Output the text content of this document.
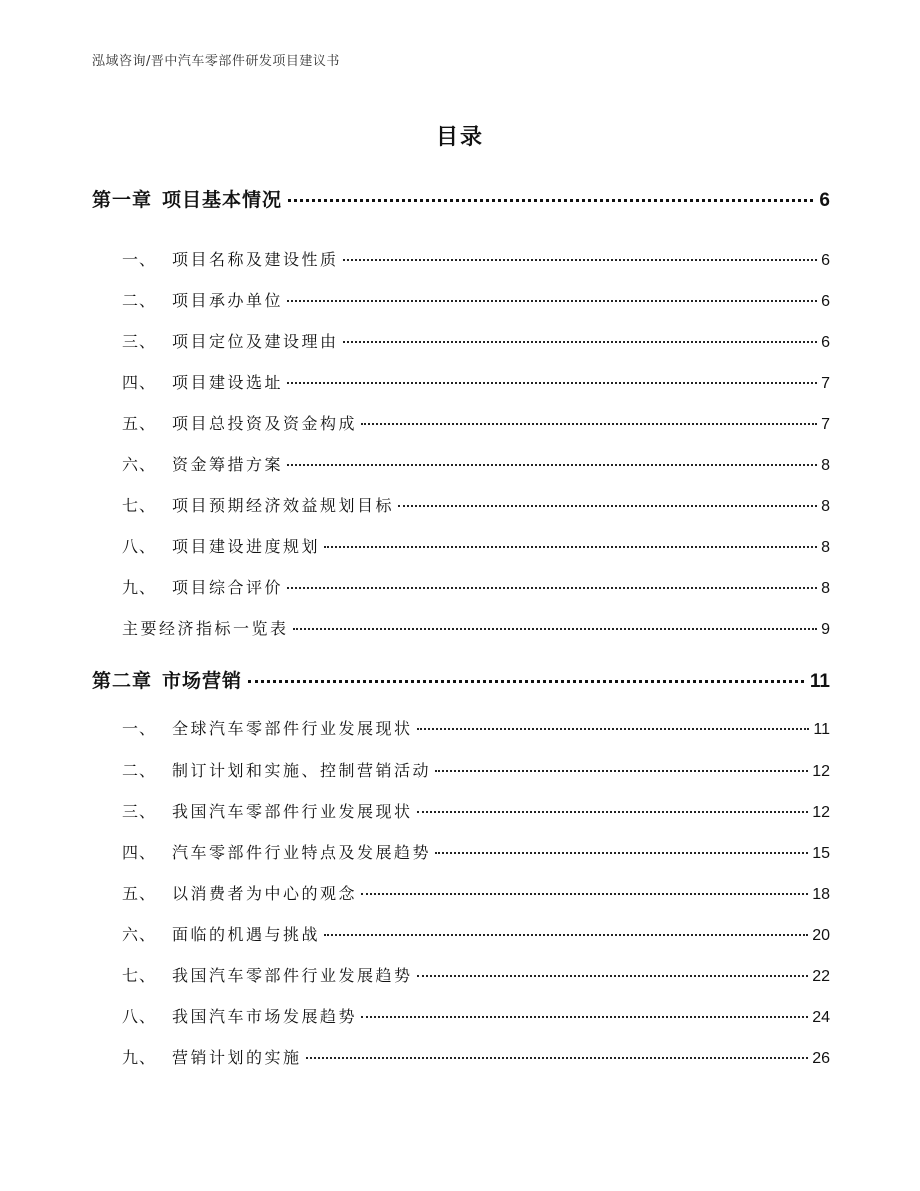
泓域咨询/晋中汽车零部件研发项目建议书
目录
第一章 项目基本情况	6
一、 项目名称及建设性质	6
二、 项目承办单位	6
三、 项目定位及建设理由	6
四、 项目建设选址	7
五、 项目总投资及资金构成	7
六、 资金筹措方案	8
七、 项目预期经济效益规划目标	8
八、 项目建设进度规划	8
九、 项目综合评价	8
主要经济指标一览表	9
第二章 市场营销	11
一、 全球汽车零部件行业发展现状	11
二、 制订计划和实施、控制营销活动	12
三、 我国汽车零部件行业发展现状	12
四、 汽车零部件行业特点及发展趋势	15
五、 以消费者为中心的观念	18
六、 面临的机遇与挑战	20
七、 我国汽车零部件行业发展趋势	22
八、 我国汽车市场发展趋势	24
九、 营销计划的实施	26
